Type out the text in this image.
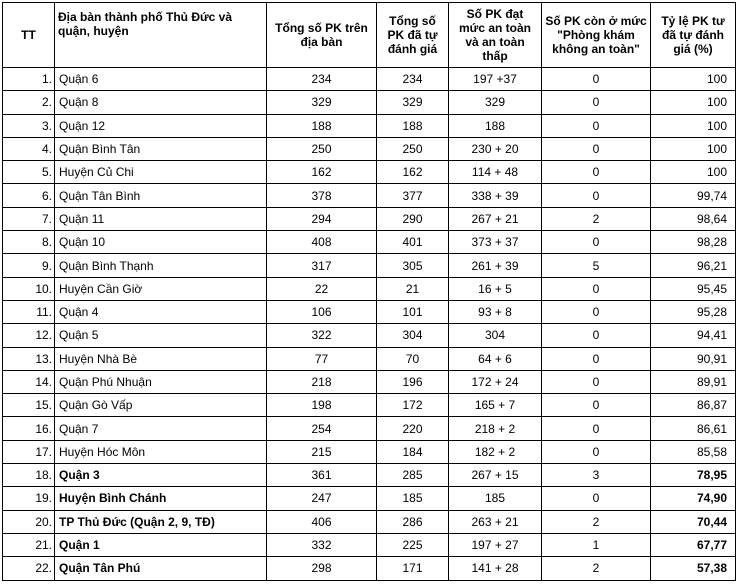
TT	Địa bàn thành phố Thủ Đức và quận, huyện	Tổng số PK trên địa bàn	Tổng số PK đã tự đánh giá	Số PK đạt mức an toàn và an toàn thấp	Số PK còn ở mức "Phòng khám không an toàn"	Tỷ lệ PK tư đã tự đánh giá (%)
1.	Quận 6	234	234	197 +37	0	100
2.	Quận 8	329	329	329	0	100
3.	Quận 12	188	188	188	0	100
4.	Quận Bình Tân	250	250	230 + 20	0	100
5.	Huyện Củ Chi	162	162	114 + 48	0	100
6.	Quận Tân Bình	378	377	338 + 39	0	99,74
7.	Quận 11	294	290	267 + 21	2	98,64
8.	Quận 10	408	401	373 + 37	0	98,28
9.	Quận Bình Thạnh	317	305	261 + 39	5	96,21
10.	Huyện Cần Giờ	22	21	16 + 5	0	95,45
11.	Quận 4	106	101	93 + 8	0	95,28
12.	Quận 5	322	304	304	0	94,41
13.	Huyện Nhà Bè	77	70	64 + 6	0	90,91
14.	Quận Phú Nhuận	218	196	172 + 24	0	89,91
15.	Quận Gò Vấp	198	172	165 + 7	0	86,87
16.	Quận 7	254	220	218 + 2	0	86,61
17.	Huyện Hóc Môn	215	184	182 + 2	0	85,58
18.	Quận 3	361	285	267 + 15	3	78,95
19.	Huyện Bình Chánh	247	185	185	0	74,90
20.	TP Thủ Đức (Quận 2, 9, TĐ)	406	286	263 + 21	2	70,44
21.	Quận 1	332	225	197 + 27	1	67,77
22.	Quận Tân Phú	298	171	141 + 28	2	57,38
